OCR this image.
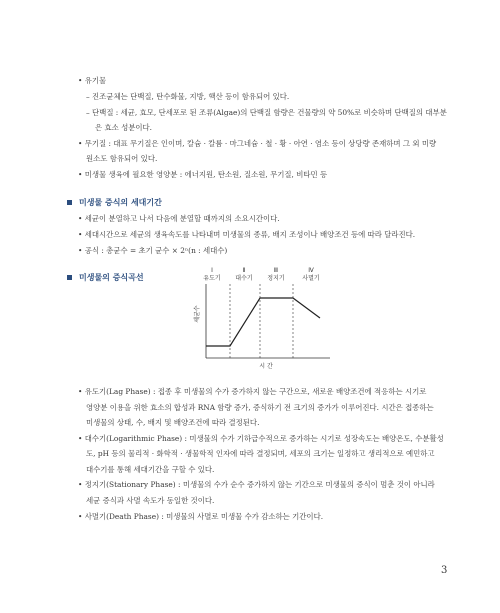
• 유기물
– 진조균체는 단백질, 탄수화물, 지방, 핵산 등이 함유되어 있다.
– 단백질 : 세균, 효모, 단세포로 된 조류(Algae)의 단백질 함량은 건물량의 약 50%로 비슷하며 단백질의 대부분
은 효소 성분이다.
• 무기질 : 대표 무기질은 인이며, 칼슘 · 칼륨 · 마그네슘 · 철 · 황 · 아연 · 염소 등이 상당량 존재하며 그 외 미량
원소도 함유되어 있다.
• 미생물 생육에 필요한 영양분 : 에너지원, 탄소원, 질소원, 무기질, 비타민 등
미생물 증식의 세대기간
• 세균이 분열하고 나서 다음에 분열할 때까지의 소요시간이다.
• 세대시간으로 세균의 생육속도를 나타내며 미생물의 종류, 배지 조성이나 배양조건 등에 따라 달라진다.
• 공식 : 총균수 = 초기 균수 × 2ⁿ(n : 세대수)
미생물의 증식곡선
Ⅰ
유도기
Ⅱ
대수기
Ⅲ
정지기
Ⅳ
사멸기
세균수
시 간
• 유도기(Lag Phase) : 접종 후 미생물의 수가 증가하지 않는 구간으로, 새로운 배양조건에 적응하는 시기로
영양분 이용을 위한 효소의 합성과 RNA 함량 증가, 증식하기 전 크기의 증가가 이루어진다. 시간은 접종하는
미생물의 상태, 수, 배지 및 배양조건에 따라 결정된다.
• 대수기(Logarithmic Phase) : 미생물의 수가 기하급수적으로 증가하는 시기로 성장속도는 배양온도, 수분활성
도, pH 등의 물리적 · 화학적 · 생물학적 인자에 따라 결정되며, 세포의 크기는 일정하고 생리적으로 예민하고
대수기를 통해 세대기간을 구할 수 있다.
• 정지기(Stationary Phase) : 미생물의 수가 순수 증가하지 않는 기간으로 미생물의 증식이 멈춘 것이 아니라
세균 증식과 사멸 속도가 동일한 것이다.
• 사멸기(Death Phase) : 미생물의 사멸로 미생물 수가 감소하는 기간이다.
3
